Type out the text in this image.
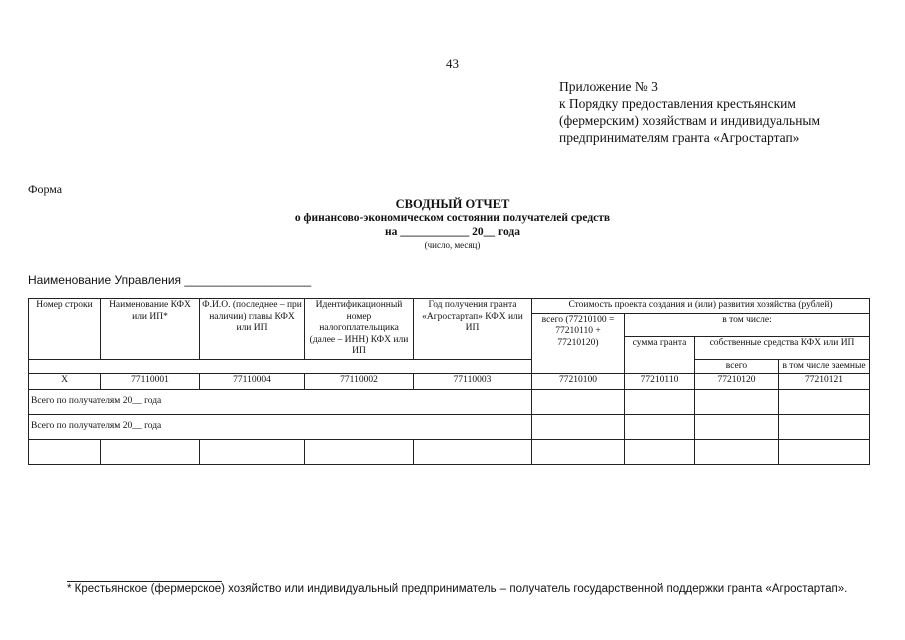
43
Приложение № 3
к Порядку предоставления крестьянским
(фермерским) хозяйствам и индивидуальным
предпринимателям гранта «Агростартап»
Форма
СВОДНЫЙ ОТЧЕТ
о финансово-экономическом состоянии получателей средств
на ____________ 20__ года
(число, месяц)
Наименование Управления ___________________
Номер строки	Наименование КФХ или ИП*	Ф.И.О. (последнее – при наличии) главы КФХ или ИП	Идентификационный номер налогоплательщика (далее – ИНН) КФХ или ИП	Год получения гранта «Агростартап» КФХ или ИП	Стоимость проекта создания и (или) развития хозяйства (рублей)			
					всего (77210100 = 77210110 + 77210120)	в том числе:		
						сумма гранта	собственные средства КФХ или ИП	
							всего	в том числе заемные
X	77110001	77110004	77110002	77110003	77210100	77210110	77210120	77210121
Всего по получателям 20__ года								
Всего по получателям 20__ года								

* Крестьянское (фермерское) хозяйство или индивидуальный предприниматель – получатель государственной поддержки гранта «Агростартап».
